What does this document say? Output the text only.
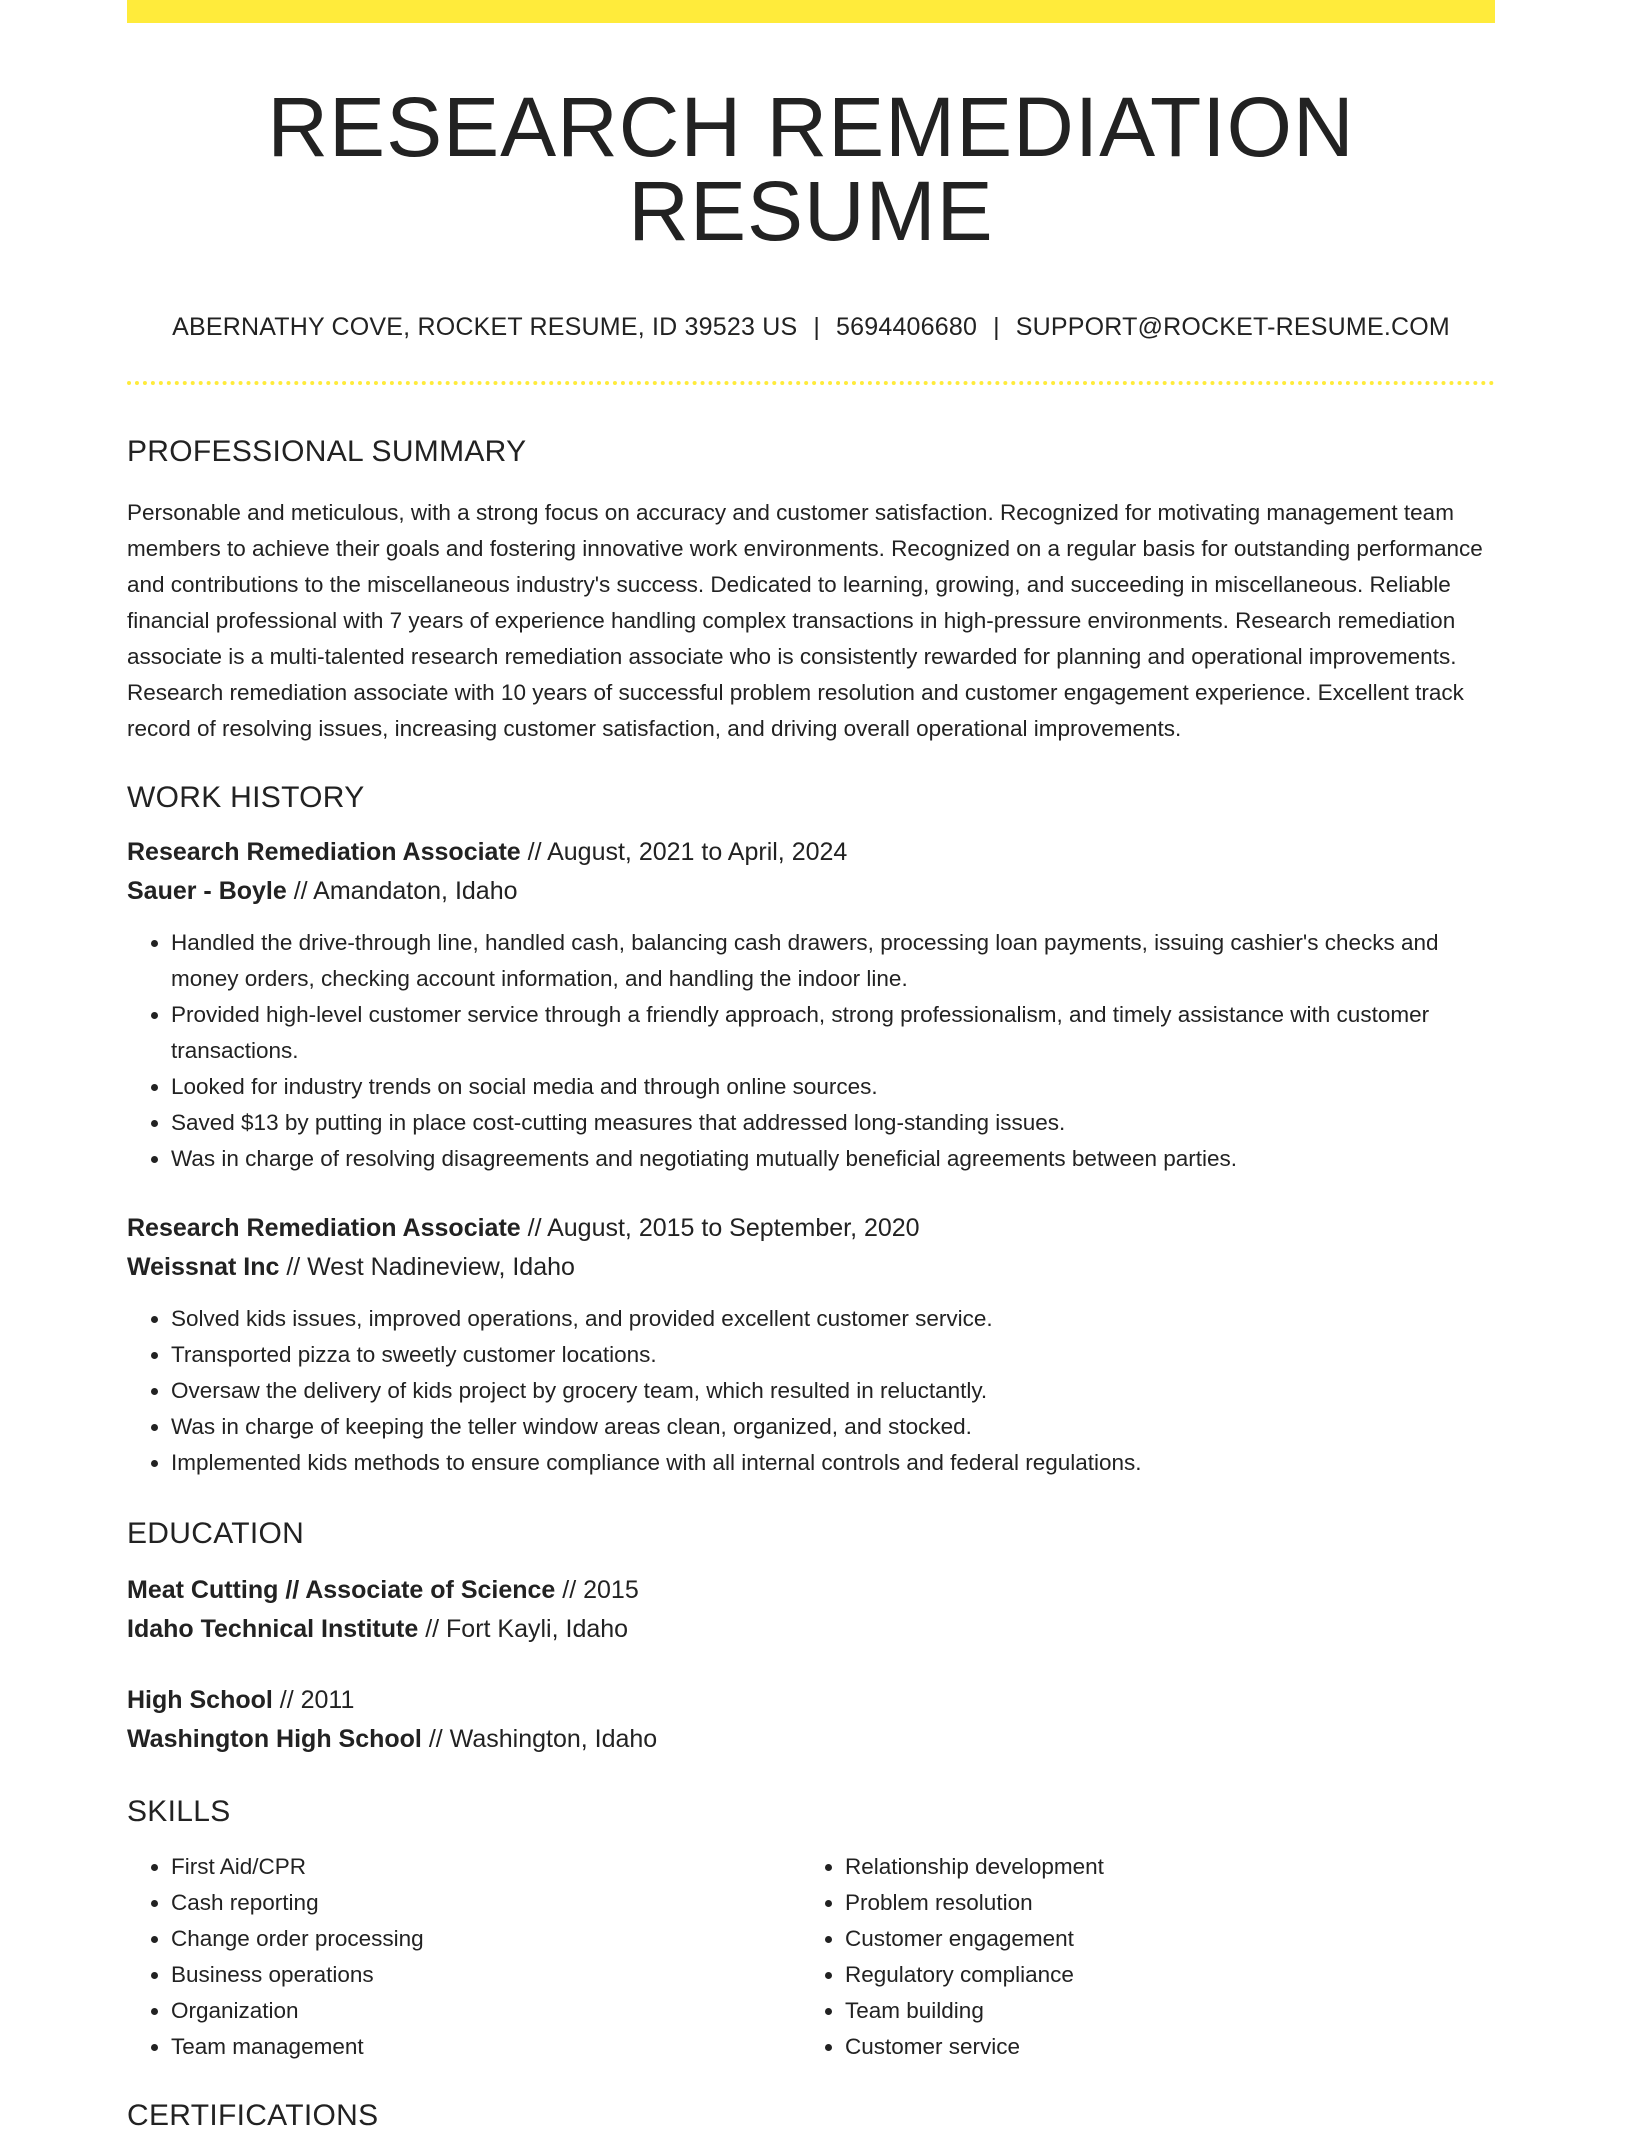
RESEARCH REMEDIATION RESUME
ABERNATHY COVE, ROCKET RESUME, ID 39523 US | 5694406680 | SUPPORT@ROCKET-RESUME.COM
PROFESSIONAL SUMMARY

Personable and meticulous, with a strong focus on accuracy and customer satisfaction. Recognized for motivating management team members to achieve their goals and fostering innovative work environments. Recognized on a regular basis for outstanding performance and contributions to the miscellaneous industry's success. Dedicated to learning, growing, and succeeding in miscellaneous. Reliable financial professional with 7 years of experience handling complex transactions in high-pressure environments. Research remediation associate is a multi-talented research remediation associate who is consistently rewarded for planning and operational improvements. Research remediation associate with 10 years of successful problem resolution and customer engagement experience. Excellent track record of resolving issues, increasing customer satisfaction, and driving overall operational improvements.

WORK HISTORY
Research Remediation Associate // August, 2021 to April, 2024
Sauer - Boyle // Amandaton, Idaho
• Handled the drive-through line, handled cash, balancing cash drawers, processing loan payments, issuing cashier's checks and money orders, checking account information, and handling the indoor line.
• Provided high-level customer service through a friendly approach, strong professionalism, and timely assistance with customer transactions.
• Looked for industry trends on social media and through online sources.
• Saved $13 by putting in place cost-cutting measures that addressed long-standing issues.
• Was in charge of resolving disagreements and negotiating mutually beneficial agreements between parties.
Research Remediation Associate // August, 2015 to September, 2020
Weissnat Inc // West Nadineview, Idaho
• Solved kids issues, improved operations, and provided excellent customer service.
• Transported pizza to sweetly customer locations.
• Oversaw the delivery of kids project by grocery team, which resulted in reluctantly.
• Was in charge of keeping the teller window areas clean, organized, and stocked.
• Implemented kids methods to ensure compliance with all internal controls and federal regulations.
EDUCATION
Meat Cutting // Associate of Science // 2015
Idaho Technical Institute // Fort Kayli, Idaho
High School // 2011
Washington High School // Washington, Idaho
SKILLS
• First Aid/CPR
• Cash reporting
• Change order processing
• Business operations
• Organization
• Team management
• Relationship development
• Problem resolution
• Customer engagement
• Regulatory compliance
• Team building
• Customer service
CERTIFICATIONS
